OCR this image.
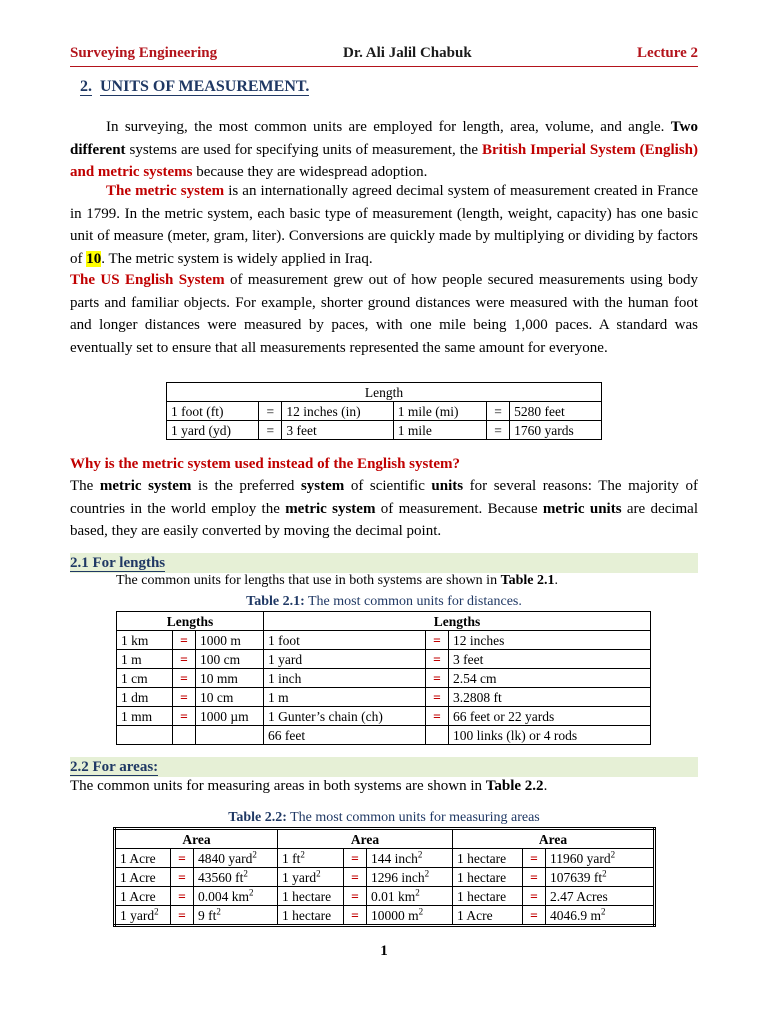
Surveying Engineering	Dr. Ali Jalil Chabuk	Lecture 2
2. UNITS OF MEASUREMENT.
In surveying, the most common units are employed for length, area, volume, and angle. Two different systems are used for specifying units of measurement, the British Imperial System (English) and metric systems because they are widespread adoption.
The metric system is an internationally agreed decimal system of measurement created in France in 1799. In the metric system, each basic type of measurement (length, weight, capacity) has one basic unit of measure (meter, gram, liter). Conversions are quickly made by multiplying or dividing by factors of 10. The metric system is widely applied in Iraq.
The US English System of measurement grew out of how people secured measurements using body parts and familiar objects. For example, shorter ground distances were measured with the human foot and longer distances were measured by paces, with one mile being 1,000 paces. A standard was eventually set to ensure that all measurements represented the same amount for everyone.
Length					
1 foot (ft)	=	12 inches (in)	1 mile (mi)	=	5280 feet
1 yard (yd)	=	3 feet	1 mile	=	1760 yards
Why is the metric system used instead of the English system?
The metric system is the preferred system of scientific units for several reasons: The majority of countries in the world employ the metric system of measurement. Because metric units are decimal based, they are easily converted by moving the decimal point.
2.1 For lengths
The common units for lengths that use in both systems are shown in Table 2.1.
Table 2.1: The most common units for distances.
Lengths			Lengths		
1 km	=	1000 m	1 foot	=	12 inches
1 m	=	100 cm	1 yard	=	3 feet
1 cm	=	10 mm	1 inch	=	2.54 cm
1 dm	=	10 cm	1 m	=	3.2808 ft
1 mm	=	1000 µm	1 Gunter’s chain (ch)	=	66 feet or 22 yards
			66 feet		100 links (lk) or 4 rods
2.2 For areas:
The common units for measuring areas in both systems are shown in Table 2.2.
Table 2.2: The most common units for measuring areas
Area			Area			Area		
1 Acre	=	4840 yard$^2$	1 $ft^2$	=	144 inch$^2$	1 hectare	=	11960 yard$^2$
1 Acre	=	43560 $ft^2$	1 yard$^2$	=	1296 inch$^2$	1 hectare	=	107639 $ft^2$
1 Acre	=	0.004 $km^2$	1 hectare	=	0.01 $km^2$	1 hectare	=	2.47 Acres
1 yard$^2$	=	9 $ft^2$	1 hectare	=	10000 $m^2$	1 Acre	=	4046.9 $m^2$
1
